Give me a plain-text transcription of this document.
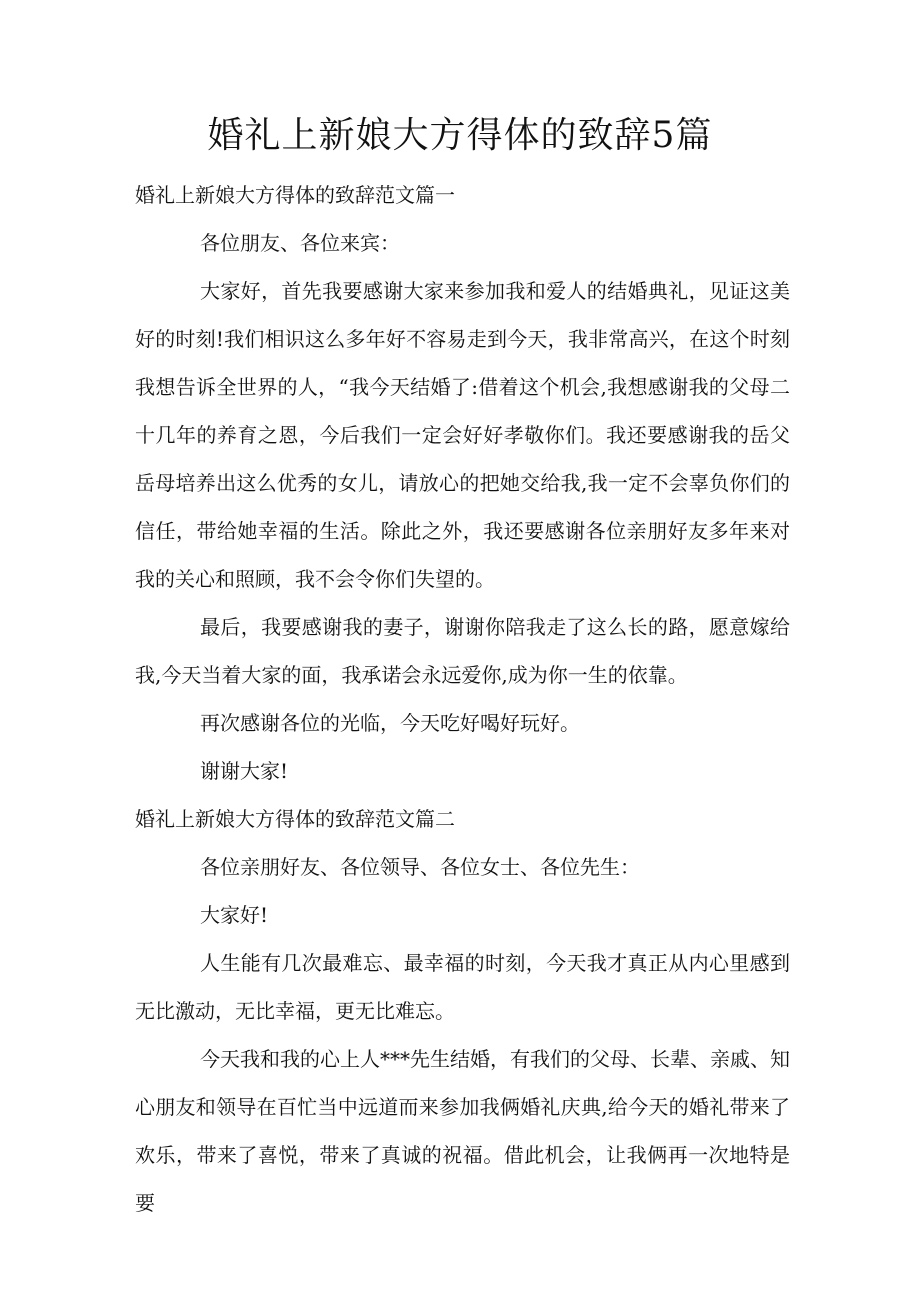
婚礼上新娘大方得体的致辞5篇

婚礼上新娘大方得体的致辞范文篇一

各位朋友、各位来宾：

大家好，首先我要感谢大家来参加我和爱人的结婚典礼，见证这美好的时刻!我们相识这么多年好不容易走到今天，我非常高兴，在这个时刻我想告诉全世界的人，“我今天结婚了:借着这个机会,我想感谢我的父母二十几年的养育之恩，今后我们一定会好好孝敬你们。我还要感谢我的岳父岳母培养出这么优秀的女儿，请放心的把她交给我,我一定不会辜负你们的信任，带给她幸福的生活。除此之外，我还要感谢各位亲朋好友多年来对我的关心和照顾，我不会令你们失望的。

最后，我要感谢我的妻子，谢谢你陪我走了这么长的路，愿意嫁给我,今天当着大家的面，我承诺会永远爱你,成为你一生的依靠。

再次感谢各位的光临，今天吃好喝好玩好。

谢谢大家!

婚礼上新娘大方得体的致辞范文篇二

各位亲朋好友、各位领导、各位女士、各位先生：

大家好!

人生能有几次最难忘、最幸福的时刻，今天我才真正从内心里感到无比激动，无比幸福，更无比难忘。

今天我和我的心上人***先生结婚，有我们的父母、长辈、亲戚、知心朋友和领导在百忙当中远道而来参加我俩婚礼庆典,给今天的婚礼带来了欢乐，带来了喜悦，带来了真诚的祝福。借此机会，让我俩再一次地特是要
